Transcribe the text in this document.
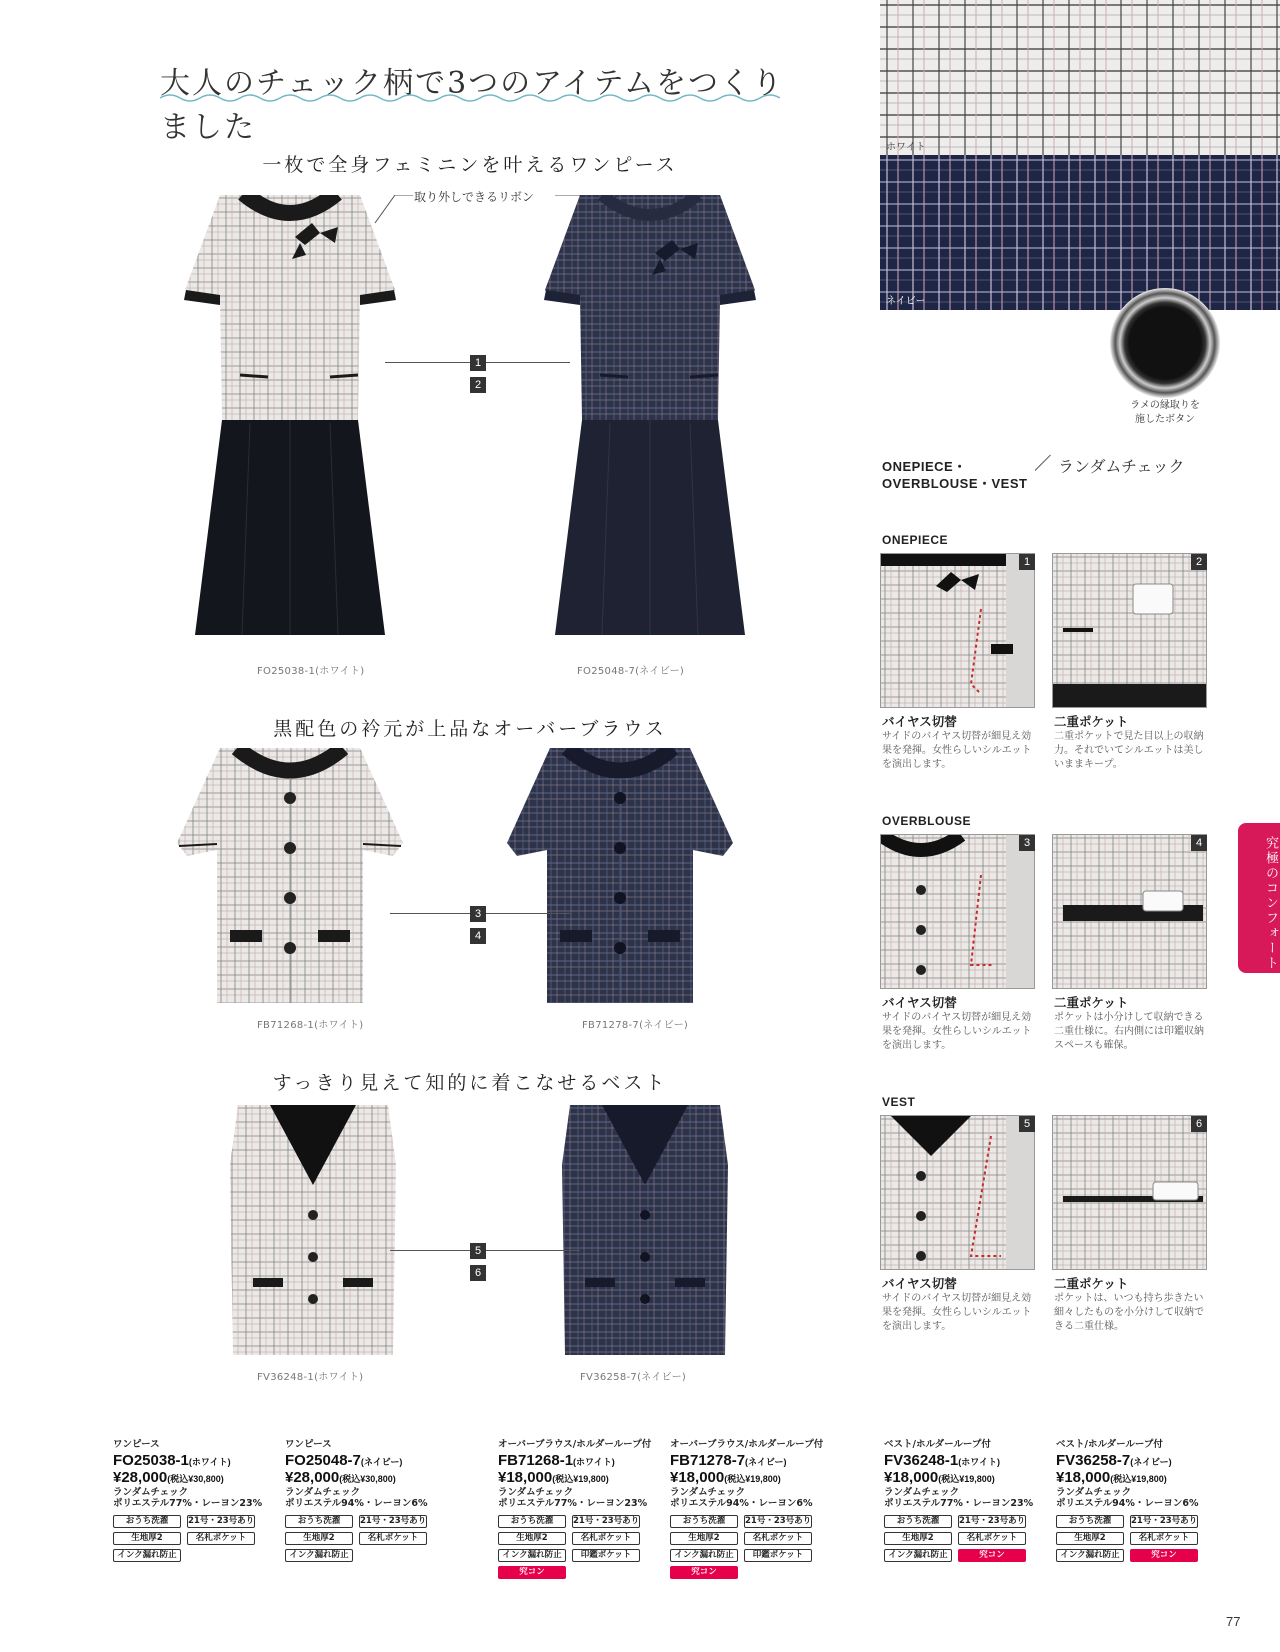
大人のチェック柄で3つのアイテムをつくりました
一枚で全身フェミニンを叶えるワンピース
取り外しできるリボン
FO25038-1(ホワイト)	FO25048-7(ネイビー)
1
2
黒配色の衿元が上品なオーバーブラウス
FB71268-1(ホワイト)	FB71278-7(ネイビー)
3
4
すっきり見えて知的に着こなせるベスト
FV36248-1(ホワイト)	FV36258-7(ネイビー)
5
6
ホワイト
ネイビー
ラメの縁取りを
施したボタン
ONEPIECE・
OVERBLOUSE・VEST
ランダムチェック
ONEPIECE
1
バイヤス切替
サイドのバイヤス切替が細見え効果を発揮。女性らしいシルエットを演出します。
2
二重ポケット
二重ポケットで見た目以上の収納力。それでいてシルエットは美しいままキープ。
OVERBLOUSE
3
バイヤス切替
サイドのバイヤス切替が細見え効果を発揮。女性らしいシルエットを演出します。
4
二重ポケット
ポケットは小分けして収納できる二重仕様に。右内側には印鑑収納スペースも確保。
VEST
5
バイヤス切替
サイドのバイヤス切替が細見え効果を発揮。女性らしいシルエットを演出します。
6
二重ポケット
ポケットは、いつも持ち歩きたい細々したものを小分けして収納できる二重仕様。
究極のコンフォート
ワンピース
FO25038-1(ホワイト)
¥28,000(税込¥30,800)
ランダムチェック
ポリエステル77%・レーヨン23%
おうち洗濯	21号・23号あり
生地厚2	名札ポケット
インク漏れ防止
ワンピース
FO25048-7(ネイビー)
¥28,000(税込¥30,800)
ランダムチェック
ポリエステル94%・レーヨン6%
おうち洗濯	21号・23号あり
生地厚2	名札ポケット
インク漏れ防止
オーバーブラウス/ホルダーループ付
FB71268-1(ホワイト)
¥18,000(税込¥19,800)
ランダムチェック
ポリエステル77%・レーヨン23%
おうち洗濯	21号・23号あり
生地厚2	名札ポケット
インク漏れ防止	印鑑ポケット
究コン
オーバーブラウス/ホルダーループ付
FB71278-7(ネイビー)
¥18,000(税込¥19,800)
ランダムチェック
ポリエステル94%・レーヨン6%
おうち洗濯	21号・23号あり
生地厚2	名札ポケット
インク漏れ防止	印鑑ポケット
究コン
ベスト/ホルダーループ付
FV36248-1(ホワイト)
¥18,000(税込¥19,800)
ランダムチェック
ポリエステル77%・レーヨン23%
おうち洗濯	21号・23号あり
生地厚2	名札ポケット
インク漏れ防止	究コン
ベスト/ホルダーループ付
FV36258-7(ネイビー)
¥18,000(税込¥19,800)
ランダムチェック
ポリエステル94%・レーヨン6%
おうち洗濯	21号・23号あり
生地厚2	名札ポケット
インク漏れ防止	究コン
77
